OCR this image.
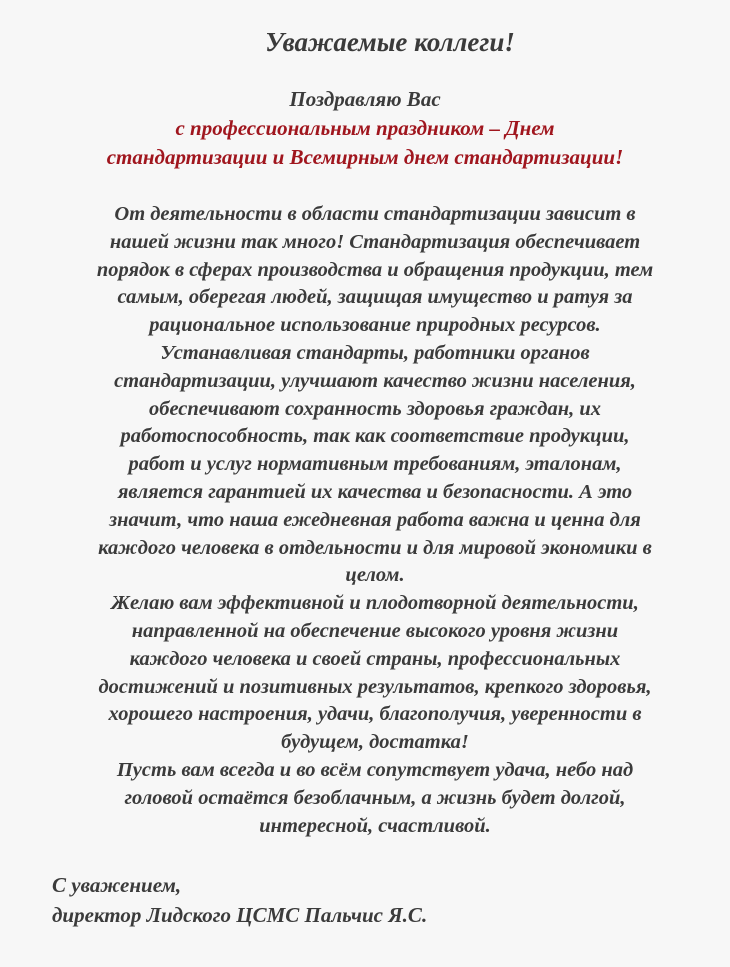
Уважаемые коллеги!
Поздравляю Вас
с профессиональным праздником – Днем
стандартизации и Всемирным днем стандартизации!
От деятельности в области стандартизации зависит в
нашей жизни так много! Стандартизация обеспечивает
порядок в сферах производства и обращения продукции, тем
самым, оберегая людей, защищая имущество и ратуя за
рациональное использование природных ресурсов.
Устанавливая стандарты, работники органов
стандартизации, улучшают качество жизни населения,
обеспечивают сохранность здоровья граждан, их
работоспособность, так как соответствие продукции,
работ и услуг нормативным требованиям, эталонам,
является гарантией их качества и безопасности. А это
значит, что наша ежедневная работа важна и ценна для
каждого человека в отдельности и для мировой экономики в
целом.
Желаю вам эффективной и плодотворной деятельности,
направленной на обеспечение высокого уровня жизни
каждого человека и своей страны, профессиональных
достижений и позитивных результатов, крепкого здоровья,
хорошего настроения, удачи, благополучия, уверенности в
будущем, достатка!
Пусть вам всегда и во всём сопутствует удача, небо над
головой остаётся безоблачным, а жизнь будет долгой,
интересной, счастливой.
С уважением,
директор Лидского ЦСМС Пальчис Я.С.
